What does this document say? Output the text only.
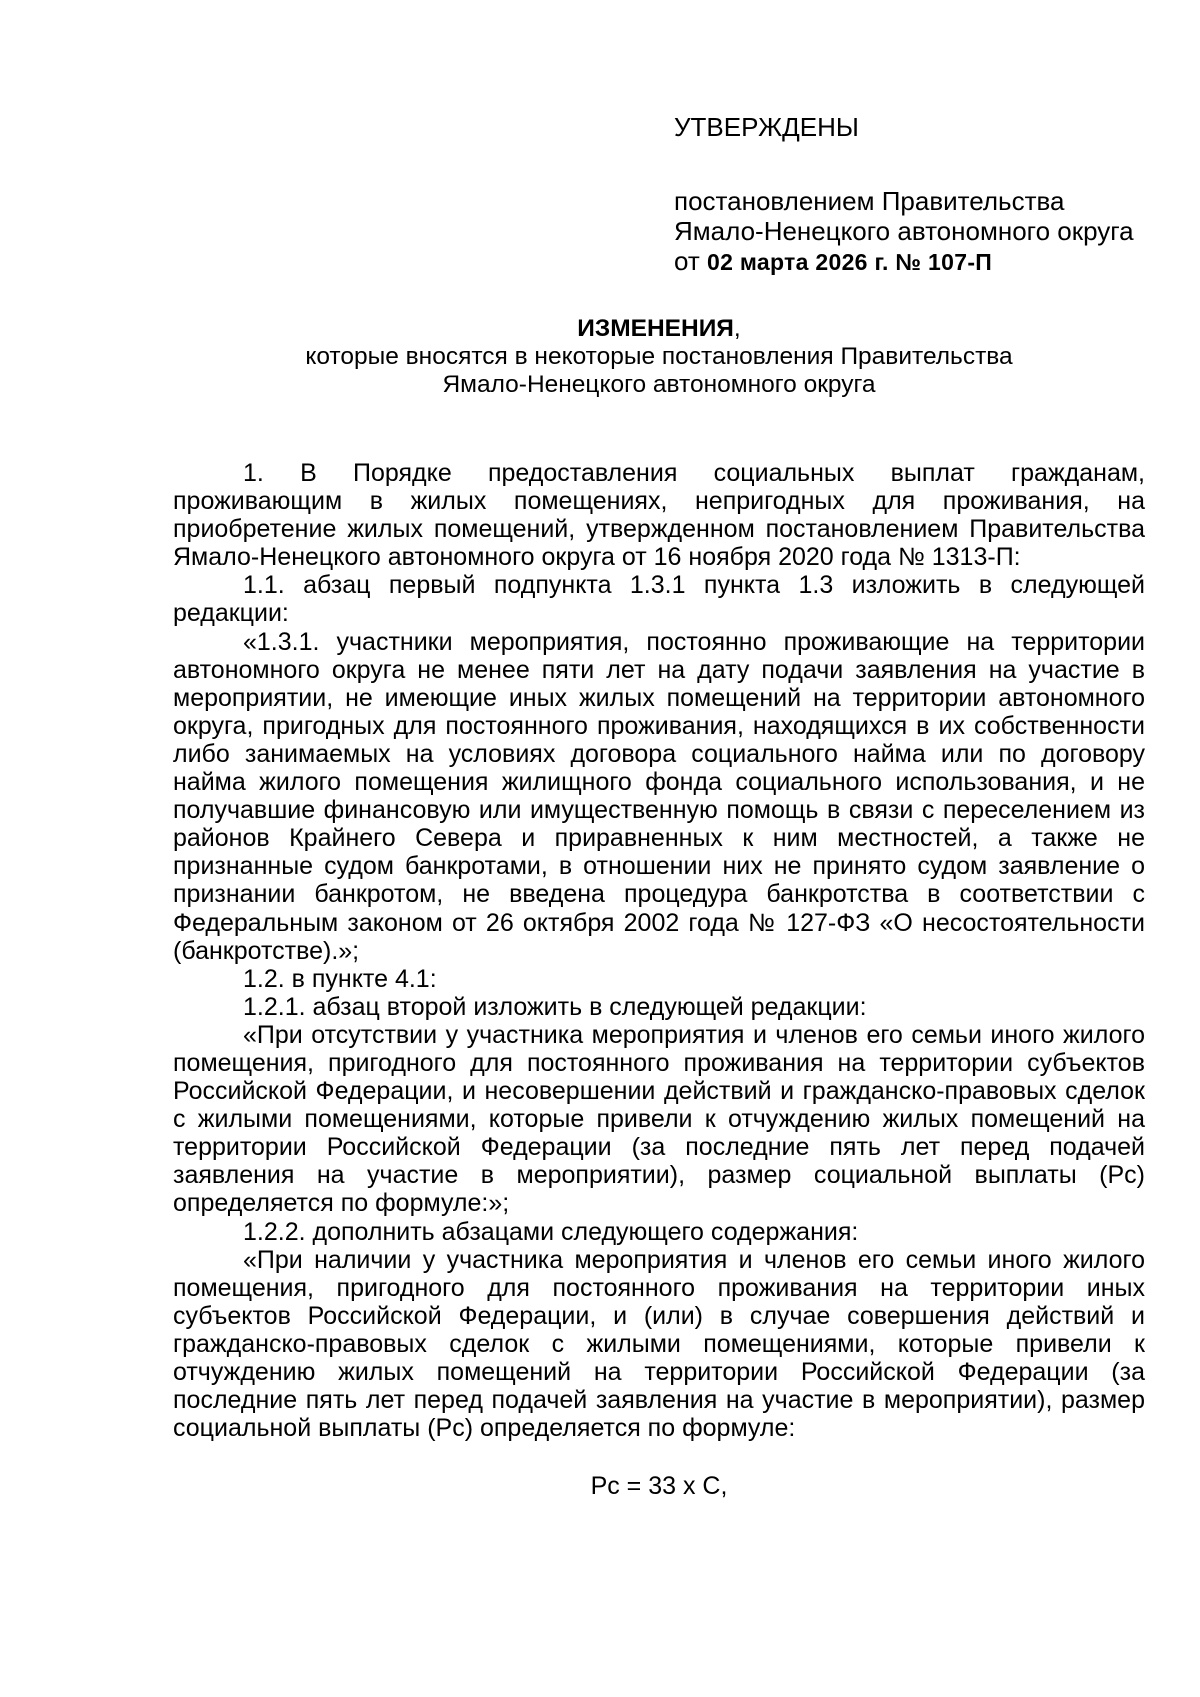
УТВЕРЖДЕНЫ
постановлением Правительства
Ямало-Ненецкого автономного округа
от 02 марта 2026 г. № 107-П
ИЗМЕНЕНИЯ,
которые вносятся в некоторые постановления Правительства
Ямало-Ненецкого автономного округа

1. В Порядке предоставления социальных выплат гражданам, проживающим в жилых помещениях, непригодных для проживания, на приобретение жилых помещений, утвержденном постановлением Правительства Ямало-Ненецкого автономного округа от 16 ноября 2020 года № 1313-П:

1.1. абзац первый подпункта 1.3.1 пункта 1.3 изложить в следующей редакции:

«1.3.1. участники мероприятия, постоянно проживающие на территории автономного округа не менее пяти лет на дату подачи заявления на участие в мероприятии, не имеющие иных жилых помещений на территории автономного округа, пригодных для постоянного проживания, находящихся в их собственности либо занимаемых на условиях договора социального найма или по договору найма жилого помещения жилищного фонда социального использования, и не получавшие финансовую или имущественную помощь в связи с переселением из районов Крайнего Севера и приравненных к ним местностей, а также не признанные судом банкротами, в отношении них не принято судом заявление о признании банкротом, не введена процедура банкротства в соответствии с Федеральным законом от 26 октября 2002 года № 127-ФЗ «О несостоятельности (банкротстве).»;

1.2. в пункте 4.1:

1.2.1. абзац второй изложить в следующей редакции:

«При отсутствии у участника мероприятия и членов его семьи иного жилого помещения, пригодного для постоянного проживания на территории субъектов Российской Федерации, и несовершении действий и гражданско-правовых сделок с жилыми помещениями, которые привели к отчуждению жилых помещений на территории Российской Федерации (за последние пять лет перед подачей заявления на участие в мероприятии), размер социальной выплаты (Рс) определяется по формуле:»;

1.2.2. дополнить абзацами следующего содержания:

«При наличии у участника мероприятия и членов его семьи иного жилого помещения, пригодного для постоянного проживания на территории иных субъектов Российской Федерации, и (или) в случае совершения действий и гражданско-правовых сделок с жилыми помещениями, которые привели к отчуждению жилых помещений на территории Российской Федерации (за последние пять лет перед подачей заявления на участие в мероприятии), размер социальной выплаты (Рс) определяется по формуле:

Рс = 33 х С,
